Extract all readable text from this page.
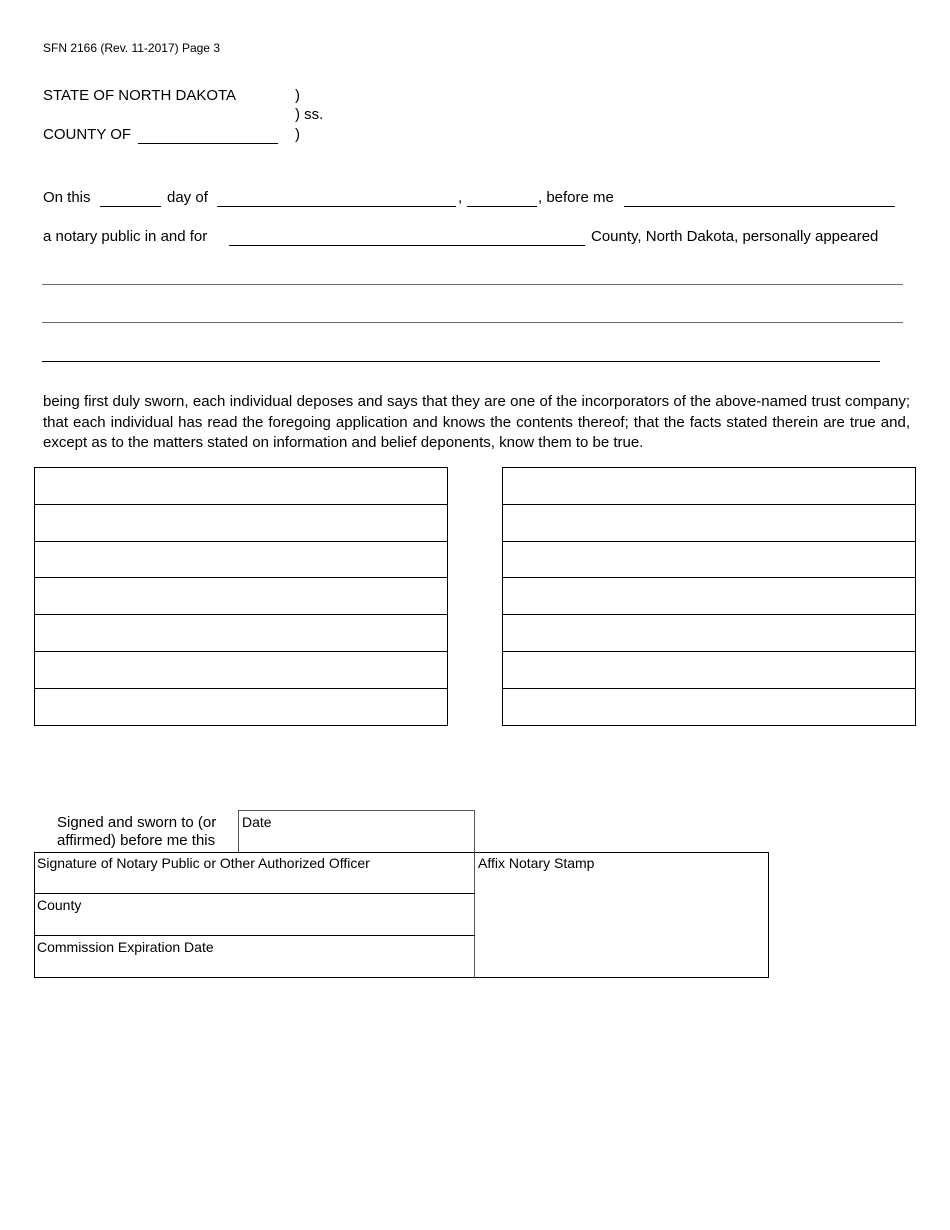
SFN 2166 (Rev. 11-2017) Page 3
STATE OF NORTH DAKOTA
COUNTY OF
)
) ss.
)
On this	day of	,	, before me
a notary public in and for	County, North Dakota, personally appeared
being first duly sworn, each individual deposes and says that they are one of the incorporators of the above-named trust company; that each individual has read the foregoing application and knows the contents thereof; that the facts stated therein are true and, except as to the matters stated on information and belief deponents, know them to be true.

Signed and sworn to (or affirmed) before me this
Date
Signature of Notary Public or Other Authorized Officer
County
Commission Expiration Date
Affix Notary Stamp
